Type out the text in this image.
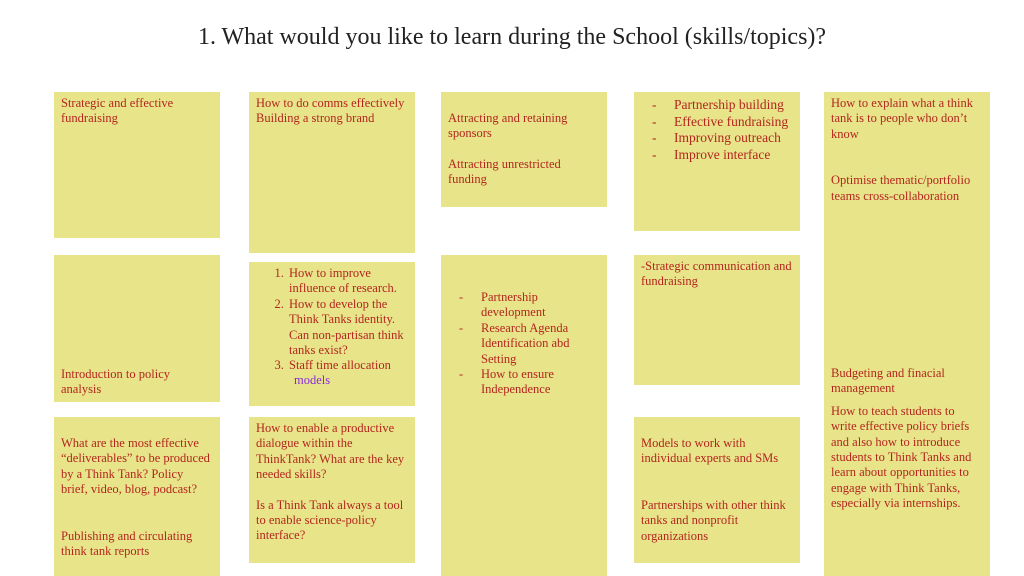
1. What would you like to learn during the School (skills/topics)?

Strategic and effective fundraising

How to do comms effectively

Building a strong brand	Attracting and retaining sponsors

Attracting unrestricted funding

- Partnership building
- Effective fundraising
- Improving outreach
- Improve interface

How to explain what a think tank is to people who don’t know

Optimise thematic/portfolio teams cross-collaboration

Budgeting and finacial management

How to teach students to write effective policy briefs and also how to introduce students to Think Tanks and learn about opportunities to engage with Think Tanks, especially via internships.

Introduction to policy analysis

1. How to improve influence of research.
2. How to develop the Think Tanks identity. Can non-partisan think tanks exist?
3. Staff time allocation

models

- Partnership development
- Research Agenda Identification abd Setting
- How to ensure Independence

-Strategic communication and fundraising

What are the most effective “deliverables” to be produced by a Think Tank? Policy brief, video, blog, podcast?

Publishing and circulating think tank reports

How to enable a productive dialogue within the ThinkTank? What are the key needed skills?

Is a Think Tank always a tool to enable science-policy interface?

Models to work with individual experts and SMs

Partnerships with other think tanks and nonprofit organizations
